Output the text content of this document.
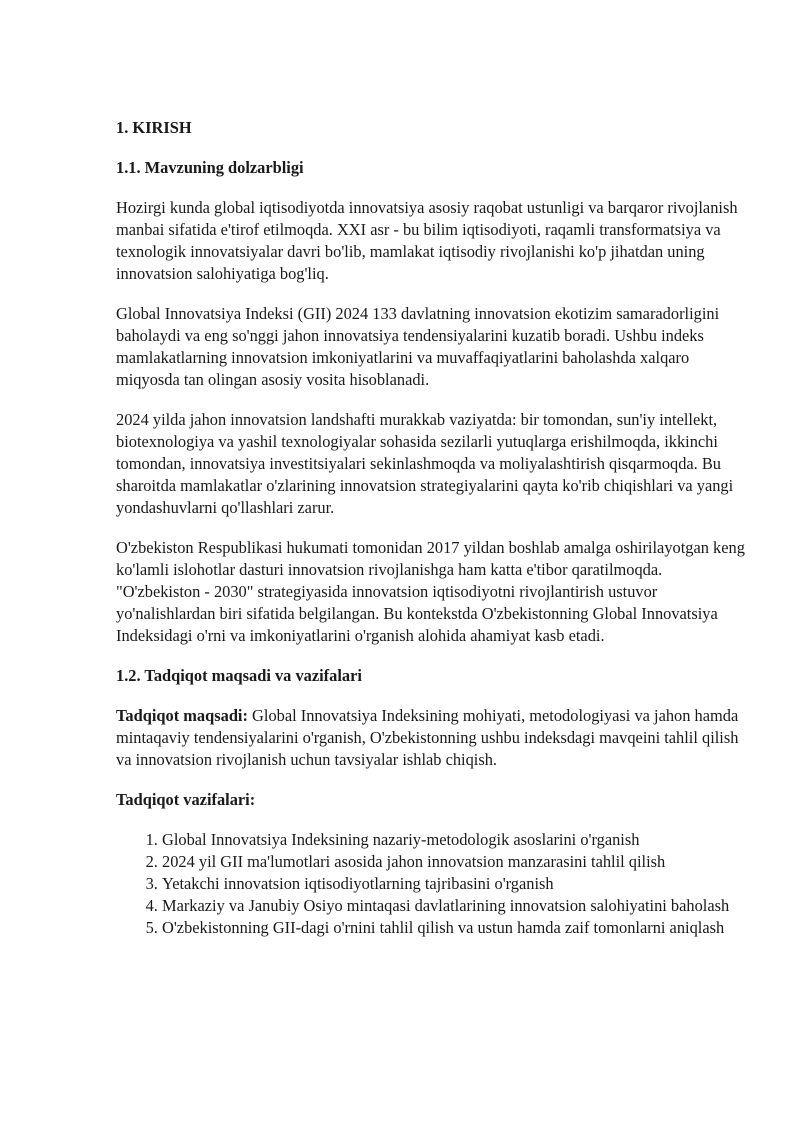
1. KIRISH
1.1. Mavzuning dolzarbligi

Hozirgi kunda global iqtisodiyotda innovatsiya asosiy raqobat ustunligi va barqaror rivojlanish manbai sifatida e'tirof etilmoqda. XXI asr - bu bilim iqtisodiyoti, raqamli transformatsiya va texnologik innovatsiyalar davri bo'lib, mamlakat iqtisodiy rivojlanishi ko'p jihatdan uning innovatsion salohiyatiga bog'liq.

Global Innovatsiya Indeksi (GII) 2024 133 davlatning innovatsion ekotizim samaradorligini baholaydi va eng so'nggi jahon innovatsiya tendensiyalarini kuzatib boradi. Ushbu indeks mamlakatlarning innovatsion imkoniyatlarini va muvaffaqiyatlarini baholashda xalqaro miqyosda tan olingan asosiy vosita hisoblanadi.

2024 yilda jahon innovatsion landshafti murakkab vaziyatda: bir tomondan, sun'iy intellekt, biotexnologiya va yashil texnologiyalar sohasida sezilarli yutuqlarga erishilmoqda, ikkinchi tomondan, innovatsiya investitsiyalari sekinlashmoqda va moliyalashtirish qisqarmoqda. Bu sharoitda mamlakatlar o'zlarining innovatsion strategiyalarini qayta ko'rib chiqishlari va yangi yondashuvlarni qo'llashlari zarur.

O'zbekiston Respublikasi hukumati tomonidan 2017 yildan boshlab amalga oshirilayotgan keng ko'lamli islohotlar dasturi innovatsion rivojlanishga ham katta e'tibor qaratilmoqda. "O'zbekiston - 2030" strategiyasida innovatsion iqtisodiyotni rivojlantirish ustuvor yo'nalishlardan biri sifatida belgilangan. Bu kontekstda O'zbekistonning Global Innovatsiya Indeksidagi o'rni va imkoniyatlarini o'rganish alohida ahamiyat kasb etadi.

1.2. Tadqiqot maqsadi va vazifalari

Tadqiqot maqsadi: Global Innovatsiya Indeksining mohiyati, metodologiyasi va jahon hamda mintaqaviy tendensiyalarini o'rganish, O'zbekistonning ushbu indeksdagi mavqeini tahlil qilish va innovatsion rivojlanish uchun tavsiyalar ishlab chiqish.

Tadqiqot vazifalari:

1. Global Innovatsiya Indeksining nazariy-metodologik asoslarini o'rganish
2. 2024 yil GII ma'lumotlari asosida jahon innovatsion manzarasini tahlil qilish
3. Yetakchi innovatsion iqtisodiyotlarning tajribasini o'rganish
4. Markaziy va Janubiy Osiyo mintaqasi davlatlarining innovatsion salohiyatini baholash
5. O'zbekistonning GII-dagi o'rnini tahlil qilish va ustun hamda zaif tomonlarni aniqlash
